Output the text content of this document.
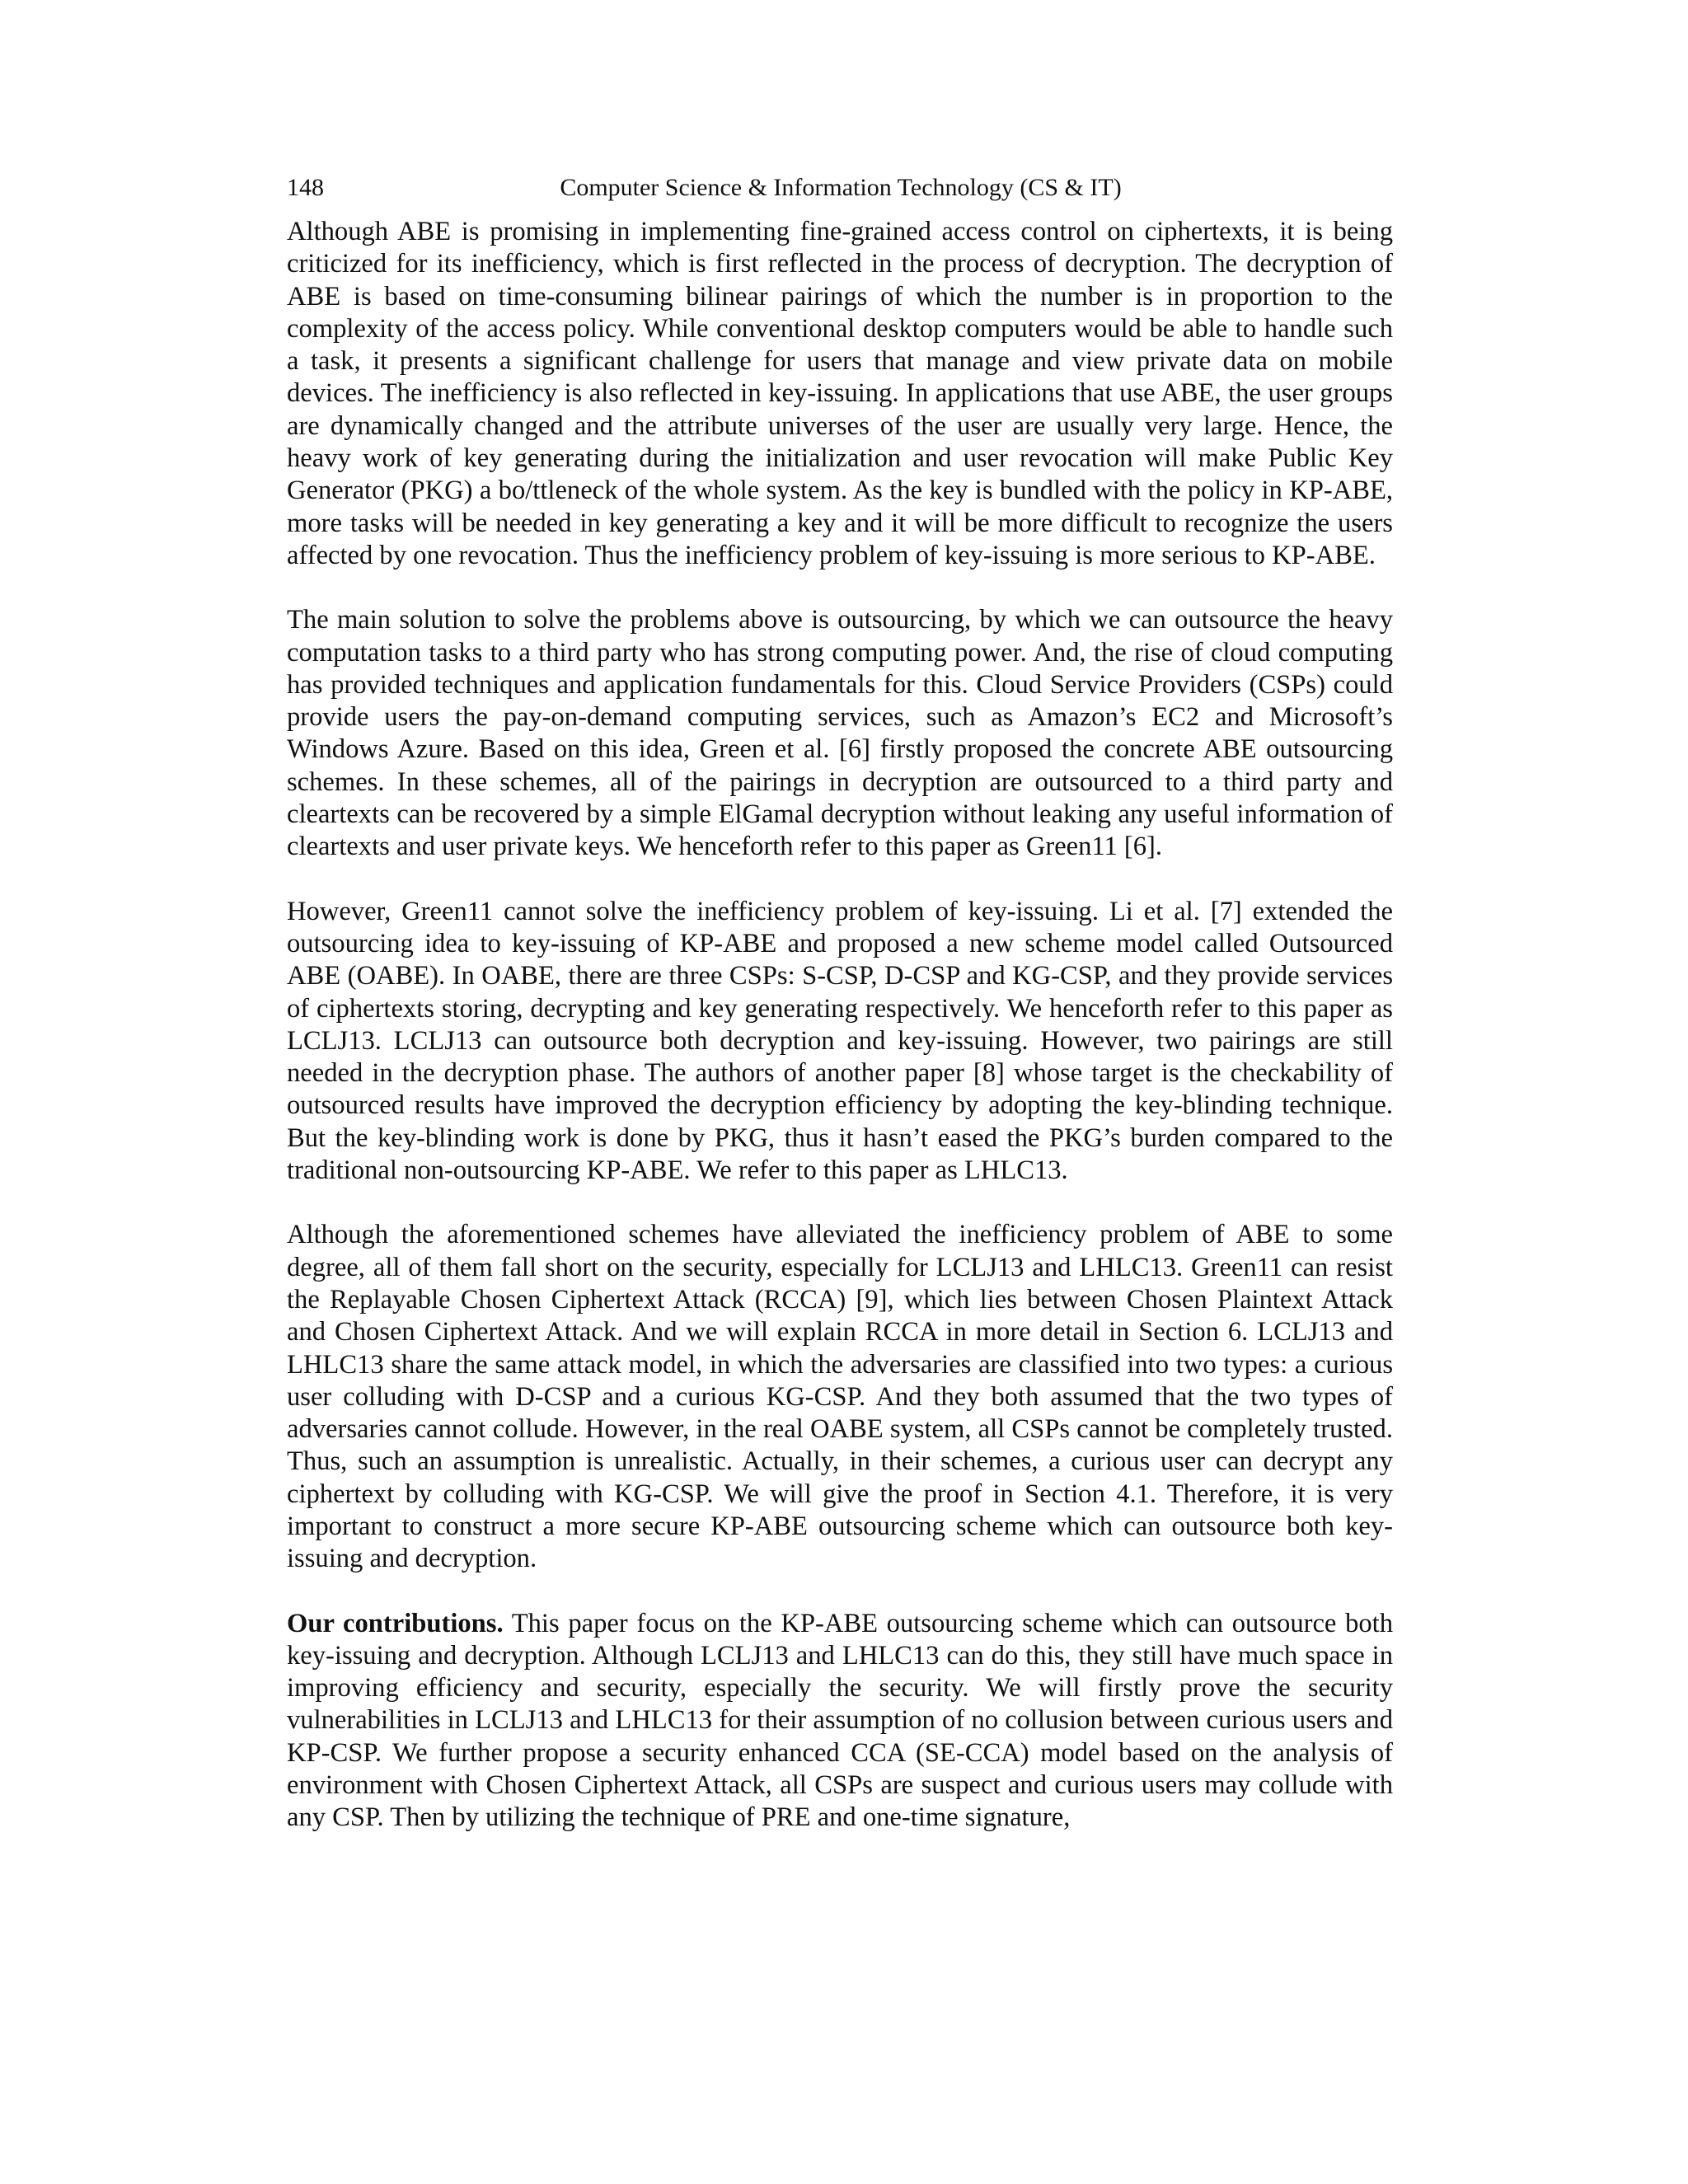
148	Computer Science & Information Technology (CS & IT)

Although ABE is promising in implementing fine-grained access control on ciphertexts, it is being criticized for its inefficiency, which is first reflected in the process of decryption. The decryption of ABE is based on time-consuming bilinear pairings of which the number is in proportion to the complexity of the access policy. While conventional desktop computers would be able to handle such a task, it presents a significant challenge for users that manage and view private data on mobile devices. The inefficiency is also reflected in key-issuing. In applications that use ABE, the user groups are dynamically changed and the attribute universes of the user are usually very large. Hence, the heavy work of key generating during the initialization and user revocation will make Public Key Generator (PKG) a bo/ttleneck of the whole system. As the key is bundled with the policy in KP-ABE, more tasks will be needed in key generating a key and it will be more difficult to recognize the users affected by one revocation. Thus the inefficiency problem of key-issuing is more serious to KP-ABE.

The main solution to solve the problems above is outsourcing, by which we can outsource the heavy computation tasks to a third party who has strong computing power. And, the rise of cloud computing has provided techniques and application fundamentals for this. Cloud Service Providers (CSPs) could provide users the pay-on-demand computing services, such as Amazon’s EC2 and Microsoft’s Windows Azure. Based on this idea, Green et al. [6] firstly proposed the concrete ABE outsourcing schemes. In these schemes, all of the pairings in decryption are outsourced to a third party and cleartexts can be recovered by a simple ElGamal decryption without leaking any useful information of cleartexts and user private keys. We henceforth refer to this paper as Green11 [6].

However, Green11 cannot solve the inefficiency problem of key-issuing. Li et al. [7] extended the outsourcing idea to key-issuing of KP-ABE and proposed a new scheme model called Outsourced ABE (OABE). In OABE, there are three CSPs: S-CSP, D-CSP and KG-CSP, and they provide services of ciphertexts storing, decrypting and key generating respectively. We henceforth refer to this paper as LCLJ13. LCLJ13 can outsource both decryption and key-issuing. However, two pairings are still needed in the decryption phase. The authors of another paper [8] whose target is the checkability of outsourced results have improved the decryption efficiency by adopting the key-blinding technique. But the key-blinding work is done by PKG, thus it hasn’t eased the PKG’s burden compared to the traditional non-outsourcing KP-ABE. We refer to this paper as LHLC13.

Although the aforementioned schemes have alleviated the inefficiency problem of ABE to some degree, all of them fall short on the security, especially for LCLJ13 and LHLC13. Green11 can resist the Replayable Chosen Ciphertext Attack (RCCA) [9], which lies between Chosen Plaintext Attack and Chosen Ciphertext Attack. And we will explain RCCA in more detail in Section 6. LCLJ13 and LHLC13 share the same attack model, in which the adversaries are classified into two types: a curious user colluding with D-CSP and a curious KG-CSP. And they both assumed that the two types of adversaries cannot collude. However, in the real OABE system, all CSPs cannot be completely trusted. Thus, such an assumption is unrealistic. Actually, in their schemes, a curious user can decrypt any ciphertext by colluding with KG-CSP. We will give the proof in Section 4.1. Therefore, it is very important to construct a more secure KP-ABE outsourcing scheme which can outsource both key-issuing and decryption.

Our contributions. This paper focus on the KP-ABE outsourcing scheme which can outsource both key-issuing and decryption. Although LCLJ13 and LHLC13 can do this, they still have much space in improving efficiency and security, especially the security. We will firstly prove the security vulnerabilities in LCLJ13 and LHLC13 for their assumption of no collusion between curious users and KP-CSP. We further propose a security enhanced CCA (SE-CCA) model based on the analysis of environment with Chosen Ciphertext Attack, all CSPs are suspect and curious users may collude with any CSP. Then by utilizing the technique of PRE and one-time signature,
